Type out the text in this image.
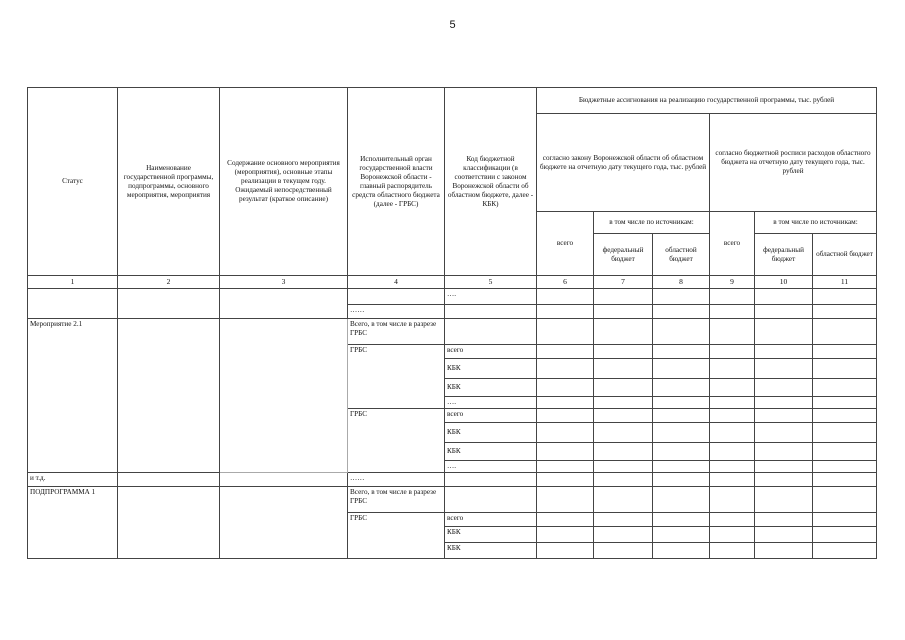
5
Статус	Наименование государственной программы, подпрограммы, основного мероприятия, мероприятия	Содержание основного мероприятия (мероприятия), основные этапы реализации в текущем году. Ожидаемый непосредственный результат (краткое описание)	Исполнительный орган государственной власти Воронежской области - главный распорядитель средств областного бюджета (далее - ГРБС)	Код бюджетной классификации (в соответствии с законом Воронежской области об областном бюджете, далее - КБК)	Бюджетные ассигнования на реализацию государственной программы, тыс. рублей					
					согласно закону Воронежской области об областном бюджете на отчетную дату текущего года, тыс. рублей			согласно бюджетной росписи расходов областного бюджета на отчетную дату текущего года, тыс. рублей		
					всего	в том числе по источникам:		всего	в том числе по источникам:	
						федеральный бюджет	областной бюджет		федеральный бюджет	областной бюджет
1	2	3	4	5	6	7	8	9	10	11
				….						
			……							
Мероприятие 2.1			Всего, в том числе в разрезе ГРБС							
			ГРБС	всего						
				КБК						
				КБК						
				….						
			ГРБС	всего						
				КБК						
				КБК						
				….						
и т.д.			……							
ПОДПРОГРАММА 1			Всего, в том числе в разрезе ГРБС							
			ГРБС	всего						
				КБК						
				КБК						
